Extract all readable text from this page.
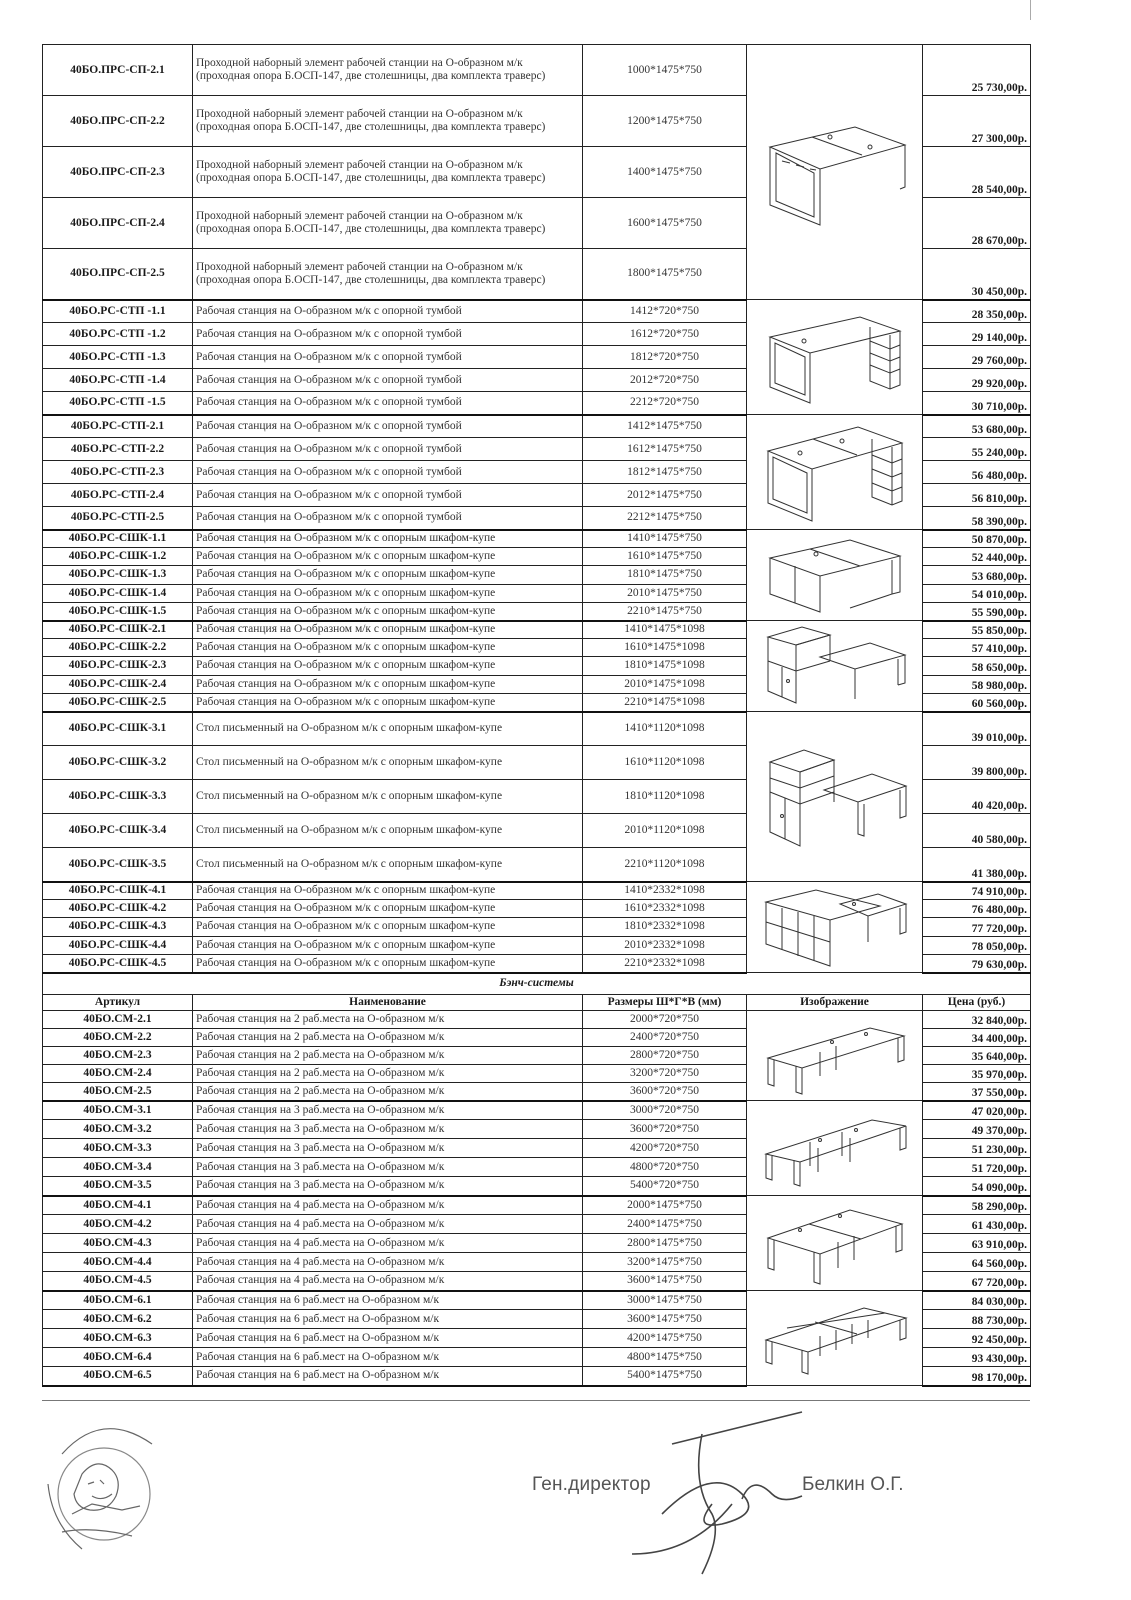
40БО.ПРС-СП-2.1	Проходной наборный элемент рабочей станции на О-образном м/к (проходная опора Б.ОСП-147, две столешницы, два комплекта траверс)	1000*1475*750		25 730,00р.
40БО.ПРС-СП-2.2	Проходной наборный элемент рабочей станции на О-образном м/к (проходная опора Б.ОСП-147, две столешницы, два комплекта траверс)	1200*1475*750		27 300,00р.
40БО.ПРС-СП-2.3	Проходной наборный элемент рабочей станции на О-образном м/к (проходная опора Б.ОСП-147, две столешницы, два комплекта траверс)	1400*1475*750		28 540,00р.
40БО.ПРС-СП-2.4	Проходной наборный элемент рабочей станции на О-образном м/к (проходная опора Б.ОСП-147, две столешницы, два комплекта траверс)	1600*1475*750		28 670,00р.
40БО.ПРС-СП-2.5	Проходной наборный элемент рабочей станции на О-образном м/к (проходная опора Б.ОСП-147, две столешницы, два комплекта траверс)	1800*1475*750		30 450,00р.
40БО.РС-СТП -1.1	Рабочая станция на О-образном м/к с опорной тумбой	1412*720*750		28 350,00р.
40БО.РС-СТП -1.2	Рабочая станция на О-образном м/к с опорной тумбой	1612*720*750		29 140,00р.
40БО.РС-СТП -1.3	Рабочая станция на О-образном м/к с опорной тумбой	1812*720*750		29 760,00р.
40БО.РС-СТП -1.4	Рабочая станция на О-образном м/к с опорной тумбой	2012*720*750		29 920,00р.
40БО.РС-СТП -1.5	Рабочая станция на О-образном м/к с опорной тумбой	2212*720*750		30 710,00р.
40БО.РС-СТП-2.1	Рабочая станция на О-образном м/к с опорной тумбой	1412*1475*750		53 680,00р.
40БО.РС-СТП-2.2	Рабочая станция на О-образном м/к с опорной тумбой	1612*1475*750		55 240,00р.
40БО.РС-СТП-2.3	Рабочая станция на О-образном м/к с опорной тумбой	1812*1475*750		56 480,00р.
40БО.РС-СТП-2.4	Рабочая станция на О-образном м/к с опорной тумбой	2012*1475*750		56 810,00р.
40БО.РС-СТП-2.5	Рабочая станция на О-образном м/к с опорной тумбой	2212*1475*750		58 390,00р.
40БО.РС-СШК-1.1	Рабочая станция на О-образном м/к с опорным шкафом-купе	1410*1475*750		50 870,00р.
40БО.РС-СШК-1.2	Рабочая станция на О-образном м/к с опорным шкафом-купе	1610*1475*750		52 440,00р.
40БО.РС-СШК-1.3	Рабочая станция на О-образном м/к с опорным шкафом-купе	1810*1475*750		53 680,00р.
40БО.РС-СШК-1.4	Рабочая станция на О-образном м/к с опорным шкафом-купе	2010*1475*750		54 010,00р.
40БО.РС-СШК-1.5	Рабочая станция на О-образном м/к с опорным шкафом-купе	2210*1475*750		55 590,00р.
40БО.РС-СШК-2.1	Рабочая станция на О-образном м/к с опорным шкафом-купе	1410*1475*1098		55 850,00р.
40БО.РС-СШК-2.2	Рабочая станция на О-образном м/к с опорным шкафом-купе	1610*1475*1098		57 410,00р.
40БО.РС-СШК-2.3	Рабочая станция на О-образном м/к с опорным шкафом-купе	1810*1475*1098		58 650,00р.
40БО.РС-СШК-2.4	Рабочая станция на О-образном м/к с опорным шкафом-купе	2010*1475*1098		58 980,00р.
40БО.РС-СШК-2.5	Рабочая станция на О-образном м/к с опорным шкафом-купе	2210*1475*1098		60 560,00р.
40БО.РС-СШК-3.1	Стол письменный на О-образном м/к с опорным шкафом-купе	1410*1120*1098		39 010,00р.
40БО.РС-СШК-3.2	Стол письменный на О-образном м/к с опорным шкафом-купе	1610*1120*1098		39 800,00р.
40БО.РС-СШК-3.3	Стол письменный на О-образном м/к с опорным шкафом-купе	1810*1120*1098		40 420,00р.
40БО.РС-СШК-3.4	Стол письменный на О-образном м/к с опорным шкафом-купе	2010*1120*1098		40 580,00р.
40БО.РС-СШК-3.5	Стол письменный на О-образном м/к с опорным шкафом-купе	2210*1120*1098		41 380,00р.
40БО.РС-СШК-4.1	Рабочая станция на О-образном м/к с опорным шкафом-купе	1410*2332*1098		74 910,00р.
40БО.РС-СШК-4.2	Рабочая станция на О-образном м/к с опорным шкафом-купе	1610*2332*1098		76 480,00р.
40БО.РС-СШК-4.3	Рабочая станция на О-образном м/к с опорным шкафом-купе	1810*2332*1098		77 720,00р.
40БО.РС-СШК-4.4	Рабочая станция на О-образном м/к с опорным шкафом-купе	2010*2332*1098		78 050,00р.
40БО.РС-СШК-4.5	Рабочая станция на О-образном м/к с опорным шкафом-купе	2210*2332*1098		79 630,00р.
Бэнч-системы				
Артикул	Наименование	Размеры Ш*Г*В (мм)	Изображение	Цена (руб.)
40БО.СМ-2.1	Рабочая станция на 2 раб.места на О-образном м/к	2000*720*750		32 840,00р.
40БО.СМ-2.2	Рабочая станция на 2 раб.места на О-образном м/к	2400*720*750		34 400,00р.
40БО.СМ-2.3	Рабочая станция на 2 раб.места на О-образном м/к	2800*720*750		35 640,00р.
40БО.СМ-2.4	Рабочая станция на 2 раб.места на О-образном м/к	3200*720*750		35 970,00р.
40БО.СМ-2.5	Рабочая станция на 2 раб.места на О-образном м/к	3600*720*750		37 550,00р.
40БО.СМ-3.1	Рабочая станция на 3 раб.места на О-образном м/к	3000*720*750		47 020,00р.
40БО.СМ-3.2	Рабочая станция на 3 раб.места на О-образном м/к	3600*720*750		49 370,00р.
40БО.СМ-3.3	Рабочая станция на 3 раб.места на О-образном м/к	4200*720*750		51 230,00р.
40БО.СМ-3.4	Рабочая станция на 3 раб.места на О-образном м/к	4800*720*750		51 720,00р.
40БО.СМ-3.5	Рабочая станция на 3 раб.места на О-образном м/к	5400*720*750		54 090,00р.
40БО.СМ-4.1	Рабочая станция на 4 раб.места на О-образном м/к	2000*1475*750		58 290,00р.
40БО.СМ-4.2	Рабочая станция на 4 раб.места на О-образном м/к	2400*1475*750		61 430,00р.
40БО.СМ-4.3	Рабочая станция на 4 раб.места на О-образном м/к	2800*1475*750		63 910,00р.
40БО.СМ-4.4	Рабочая станция на 4 раб.места на О-образном м/к	3200*1475*750		64 560,00р.
40БО.СМ-4.5	Рабочая станция на 4 раб.места на О-образном м/к	3600*1475*750		67 720,00р.
40БО.СМ-6.1	Рабочая станция на 6 раб.мест на О-образном м/к	3000*1475*750		84 030,00р.
40БО.СМ-6.2	Рабочая станция на 6 раб.мест на О-образном м/к	3600*1475*750		88 730,00р.
40БО.СМ-6.3	Рабочая станция на 6 раб.мест на О-образном м/к	4200*1475*750		92 450,00р.
40БО.СМ-6.4	Рабочая станция на 6 раб.мест на О-образном м/к	4800*1475*750		93 430,00р.
40БО.СМ-6.5	Рабочая станция на 6 раб.мест на О-образном м/к	5400*1475*750		98 170,00р.
Ген.директор	Белкин О.Г.
